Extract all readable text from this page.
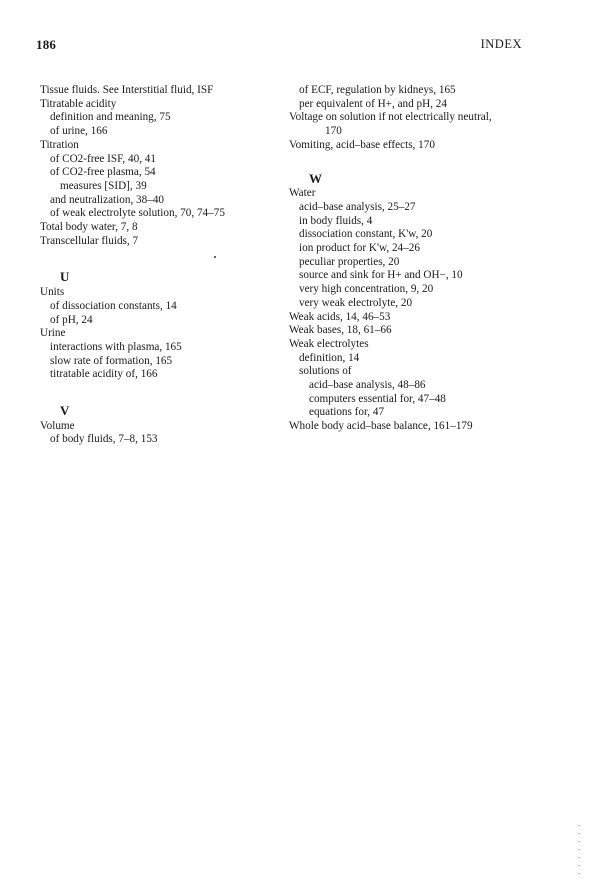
186	INDEX
Tissue fluids. See Interstitial fluid, ISF
Titratable acidity
definition and meaning, 75
of urine, 166
Titration
of CO2-free ISF, 40, 41
of CO2-free plasma, 54
measures [SID], 39
and neutralization, 38–40
of weak electrolyte solution, 70, 74–75
Total body water, 7, 8
Transcellular fluids, 7
U
Units
of dissociation constants, 14
of pH, 24
Urine
interactions with plasma, 165
slow rate of formation, 165
titratable acidity of, 166
V
Volume
of body fluids, 7–8, 153
of ECF, regulation by kidneys, 165
per equivalent of H+, and pH, 24
Voltage on solution if not electrically neutral,
170
Vomiting, acid–base effects, 170
W
Water
acid–base analysis, 25–27
in body fluids, 4
dissociation constant, K'w, 20
ion product for K'w, 24–26
peculiar properties, 20
source and sink for H+ and OH−, 10
very high concentration, 9, 20
very weak electrolyte, 20
Weak acids, 14, 46–53
Weak bases, 18, 61–66
Weak electrolytes
definition, 14
solutions of
acid–base analysis, 48–86
computers essential for, 47–48
equations for, 47
Whole body acid–base balance, 161–179
